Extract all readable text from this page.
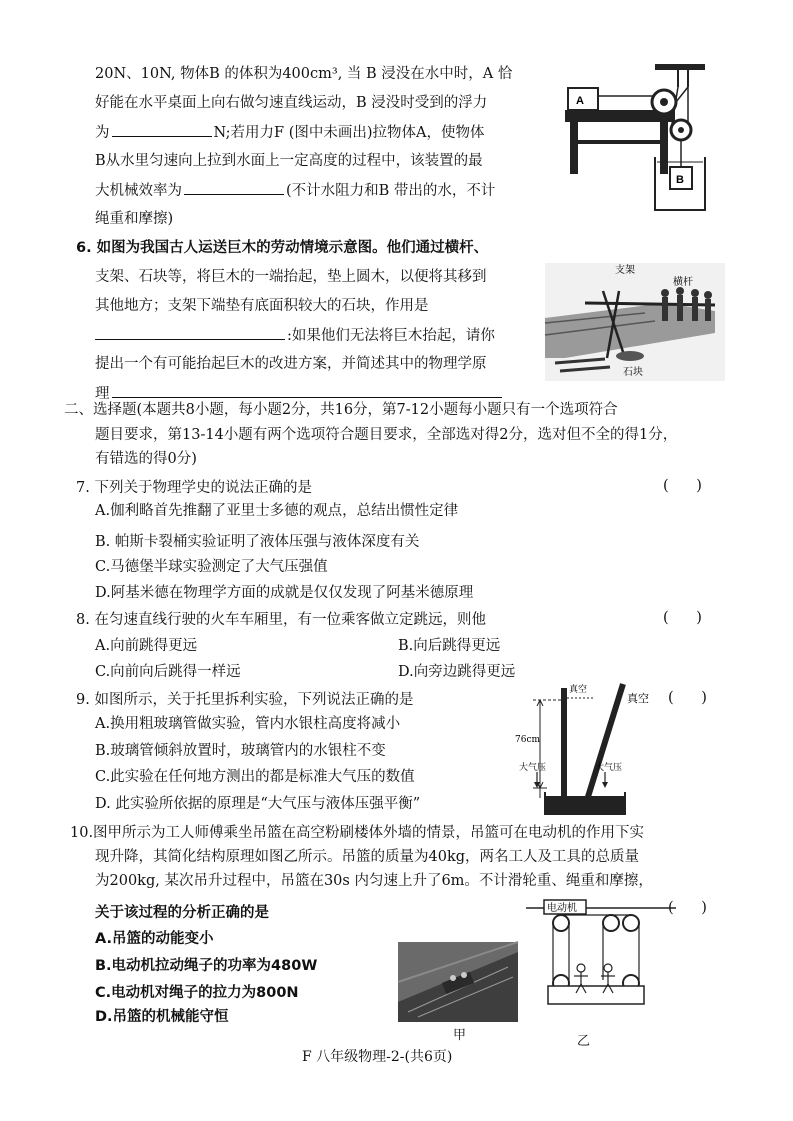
20N、10N, 物体B 的体积为400cm³, 当 B 浸没在水中时，A 恰
好能在水平桌面上向右做匀速直线运动，B 浸没时受到的浮力
为	N;若用力F (图中未画出)拉物体A，使物体
B从水里匀速向上拉到水面上一定高度的过程中，该装置的最
大机械效率为	(不计水阻力和B 带出的水，不计
绳重和摩擦)
A
B
6. 如图为我国古人运送巨木的劳动情境示意图。他们通过横杆、
支架、石块等，将巨木的一端抬起，垫上圆木，以便将其移到
其他地方；支架下端垫有底面积较大的石块，作用是
:如果他们无法将巨木抬起，请你
提出一个有可能抬起巨木的改进方案，并简述其中的物理学原
理
支架
横杆
石块
二、选择题(本题共8小题，每小题2分，共16分，第7-12小题每小题只有一个选项符合
题目要求，第13-14小题有两个选项符合题目要求，全部选对得2分，选对但不全的得1分，
有错选的得0分)
7. 下列关于物理学史的说法正确的是	(      )
A.伽利略首先推翻了亚里士多德的观点，总结出惯性定律
B. 帕斯卡裂桶实验证明了液体压强与液体深度有关
C.马德堡半球实验测定了大气压强值
D.阿基米德在物理学方面的成就是仅仅发现了阿基米德原理
8. 在匀速直线行驶的火车车厢里，有一位乘客做立定跳远，则他	(      )
A.向前跳得更远	B.向后跳得更远
C.向前向后跳得一样远	D.向旁边跳得更远
9. 如图所示，关于托里拆利实验，下列说法正确的是	(      )
A.换用粗玻璃管做实验，管内水银柱高度将减小
B.玻璃管倾斜放置时，玻璃管内的水银柱不变
C.此实验在任何地方测出的都是标准大气压的数值
D. 此实验所依据的原理是“大气压与液体压强平衡”
真空
真空
76cm
大气压	大气压
10.图甲所示为工人师傅乘坐吊篮在高空粉刷楼体外墙的情景，吊篮可在电动机的作用下实
现升降，其简化结构原理如图乙所示。吊篮的质量为40kg，两名工人及工具的总质量
为200kg, 某次吊升过程中，吊篮在30s 内匀速上升了6m。不计滑轮重、绳重和摩擦，
关于该过程的分析正确的是	(      )
A.吊篮的动能变小
B.电动机拉动绳子的功率为480W
C.电动机对绳子的拉力为800N
D.吊篮的机械能守恒
甲
电动机
乙
F 八年级物理-2-(共6页)
